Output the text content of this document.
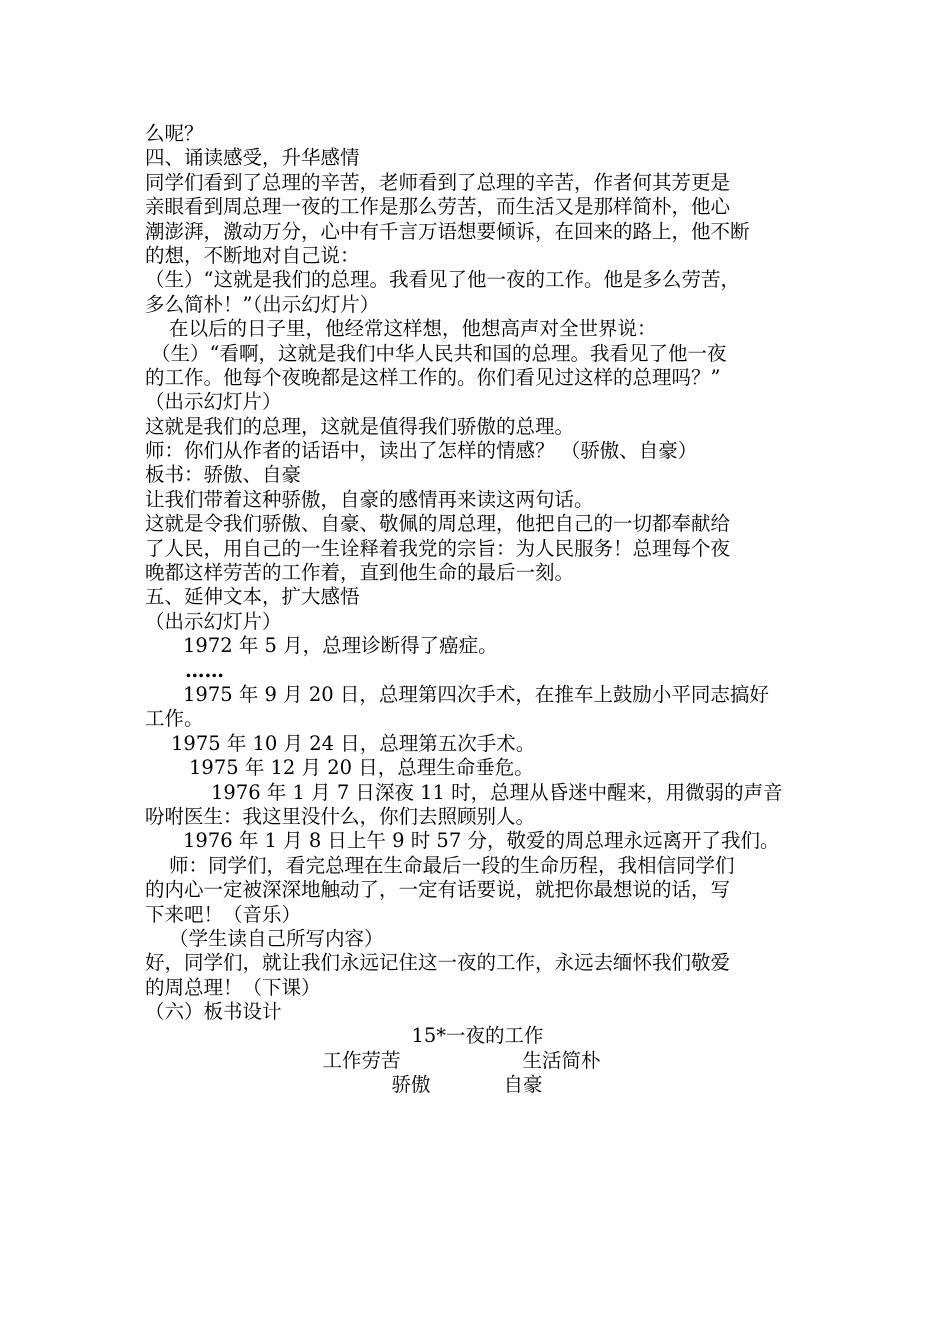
么呢？
四、诵读感受，升华感情
同学们看到了总理的辛苦，老师看到了总理的辛苦，作者何其芳更是
亲眼看到周总理一夜的工作是那么劳苦，而生活又是那样简朴，他心
潮澎湃，激动万分，心中有千言万语想要倾诉，在回来的路上，他不断
的想，不断地对自己说：
（生）“这就是我们的总理。我看见了他一夜的工作。他是多么劳苦，
多么简朴！”（出示幻灯片）
在以后的日子里，他经常这样想，他想高声对全世界说：
（生）“看啊，这就是我们中华人民共和国的总理。我看见了他一夜
的工作。他每个夜晚都是这样工作的。你们看见过这样的总理吗？”
（出示幻灯片）
这就是我们的总理，这就是值得我们骄傲的总理。
师：你们从作者的话语中，读出了怎样的情感？ （骄傲、自豪）
板书：骄傲、自豪
让我们带着这种骄傲，自豪的感情再来读这两句话。
这就是令我们骄傲、自豪、敬佩的周总理，他把自己的一切都奉献给
了人民，用自己的一生诠释着我党的宗旨：为人民服务！总理每个夜
晚都这样劳苦的工作着，直到他生命的最后一刻。
五、延伸文本，扩大感悟
（出示幻灯片）
1972 年 5 月，总理诊断得了癌症。
……
1975 年 9 月 20 日，总理第四次手术，在推车上鼓励小平同志搞好
工作。
1975 年 10 月 24 日，总理第五次手术。
1975 年 12 月 20 日，总理生命垂危。
1976 年 1 月 7 日深夜 11 时，总理从昏迷中醒来，用微弱的声音
吩咐医生：我这里没什么，你们去照顾别人。
1976 年 1 月 8 日上午 9 时 57 分，敬爱的周总理永远离开了我们。
师：同学们，看完总理在生命最后一段的生命历程，我相信同学们
的内心一定被深深地触动了，一定有话要说，就把你最想说的话，写
下来吧！（音乐）
（学生读自己所写内容）
好，同学们，就让我们永远记住这一夜的工作，永远去缅怀我们敬爱
的周总理！（下课）
（六）板书设计
15*一夜的工作
工作劳苦	生活简朴
骄傲	自豪
